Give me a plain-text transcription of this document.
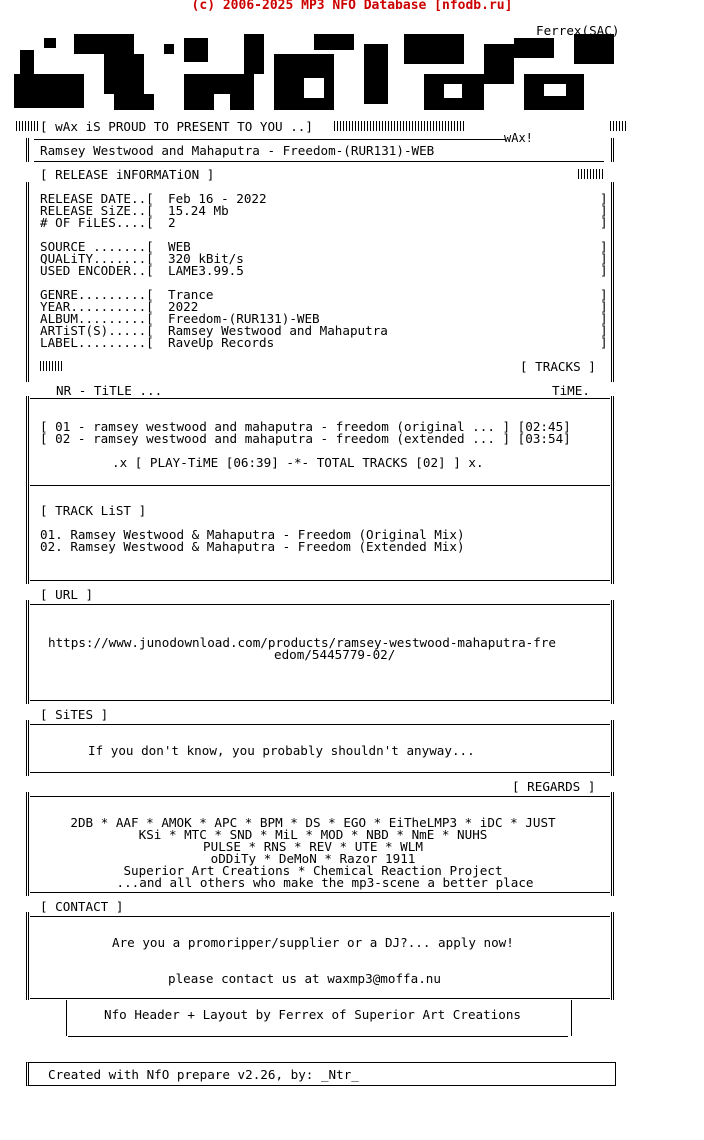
(c) 2006-2025 MP3 NFO Database [nfodb.ru]
Ferrex(SAC)
wAx!
[ wAx iS PROUD TO PRESENT TO YOU ..]
Ramsey Westwood and Mahaputra - Freedom-(RUR131)-WEB
[ RELEASE iNFORMATiON ]
RELEASE DATE..[ Feb 16 - 2022	]
RELEASE SiZE..[ 15.24 Mb	]
# OF FiLES....[ 2	]
SOURCE .......[ WEB	]
QUALiTY.......[ 320 kBit/s	]
USED ENCODER..[ LAME3.99.5	]
GENRE.........[ Trance	]
YEAR..........[ 2022	]
ALBUM.........[ Freedom-(RUR131)-WEB	]
ARTiST(S).....[ Ramsey Westwood and Mahaputra	]
LABEL.........[ RaveUp Records	]
[ TRACKS ]
NR - TiTLE ...	TiME.
[ 01 - ramsey westwood and mahaputra - freedom (original ... ] [02:45]
[ 02 - ramsey westwood and mahaputra - freedom (extended ... ] [03:54]
.x [ PLAY-TiME [06:39] -*- TOTAL TRACKS [02] ] x.
[ TRACK LiST ]
01. Ramsey Westwood & Mahaputra - Freedom (Original Mix)
02. Ramsey Westwood & Mahaputra - Freedom (Extended Mix)
[ URL ]
https://www.junodownload.com/products/ramsey-westwood-mahaputra-fre
edom/5445779-02/
[ SiTES ]
If you don't know, you probably shouldn't anyway...
[ REGARDS ]
2DB * AAF * AMOK * APC * BPM * DS * EGO * EiTheLMP3 * iDC * JUST
KSi * MTC * SND * MiL * MOD * NBD * NmE * NUHS
PULSE * RNS * REV * UTE * WLM
oDDiTy * DeMoN * Razor 1911
Superior Art Creations * Chemical Reaction Project
...and all others who make the mp3-scene a better place
[ CONTACT ]
Are you a promoripper/supplier or a DJ?... apply now!
please contact us at waxmp3@moffa.nu
Nfo Header + Layout by Ferrex of Superior Art Creations
Created with NfO prepare v2.26, by: _Ntr_
